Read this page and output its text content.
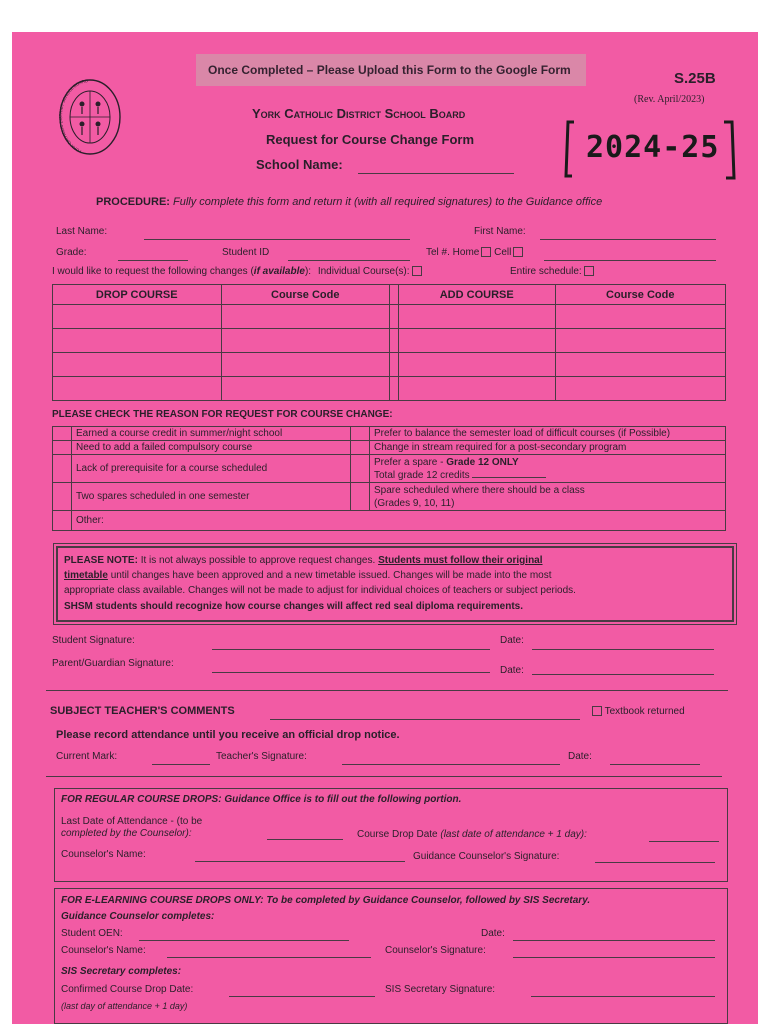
Once Completed – Please Upload this Form to the Google Form	S.25B
(Rev. April/2023)
YORK CATHOLIC DISTRICT SCHOOL BOARD
York Catholic District School Board
Request for Course Change Form
School Name:	2024-25
PROCEDURE: Fully complete this form and return it (with all required signatures) to the Guidance office
Last Name:	First Name:
Grade:	Student ID	Tel #. Home Cell
I would like to request the following changes (if available): Individual Course(s):	Entire schedule:
DROP COURSE	Course Code		ADD COURSE	Course Code

PLEASE CHECK THE REASON FOR REQUEST FOR COURSE CHANGE:
	Earned a course credit in summer/night school		Prefer to balance the semester load of difficult courses (if Possible)
	Need to add a failed compulsory course		Change in stream required for a post-secondary program
	Lack of prerequisite for a course scheduled		Prefer a spare - Grade 12 ONLY
Total grade 12 credits
	Two spares scheduled in one semester		Spare scheduled where there should be a class
(Grades 9, 10, 11)
	Other:		
PLEASE NOTE: It is not always possible to approve request changes. Students must follow their original
timetable until changes have been approved and a new timetable issued. Changes will be made into the most
appropriate class available. Changes will not be made to adjust for individual choices of teachers or subject periods.
SHSM students should recognize how course changes will affect red seal diploma requirements.
Student Signature:	Date:
Parent/Guardian Signature:
Date:
SUBJECT TEACHER'S COMMENTS	Textbook returned
Please record attendance until you receive an official drop notice.
Current Mark:	Teacher's Signature:	Date:
FOR REGULAR COURSE DROPS: Guidance Office is to fill out the following portion.
Last Date of Attendance - (to be
completed by the Counselor):	Course Drop Date (last date of attendance + 1 day):
Counselor's Name:	Guidance Counselor's Signature:
FOR E-LEARNING COURSE DROPS ONLY: To be completed by Guidance Counselor, followed by SIS Secretary.
Guidance Counselor completes:
Student OEN:	Date:
Counselor's Name:	Counselor's Signature:
SIS Secretary completes:
Confirmed Course Drop Date:	SIS Secretary Signature:
(last day of attendance + 1 day)
